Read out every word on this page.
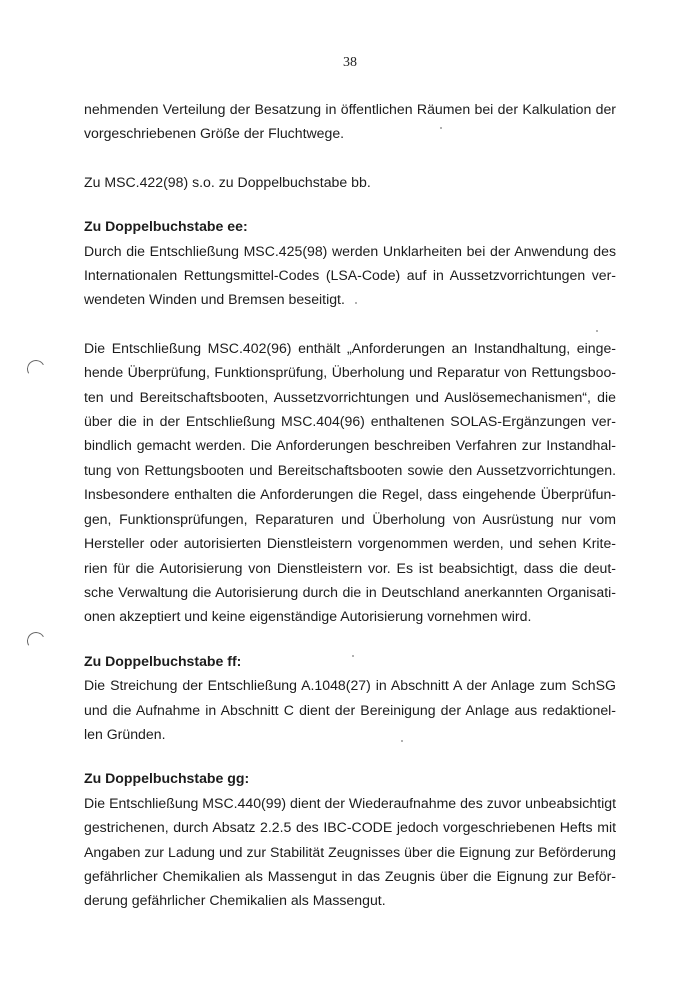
38

nehmenden Verteilung der Besatzung in öffentlichen Räumen bei der Kalkulation der
vorgeschriebenen Größe der Fluchtwege.

Zu MSC.422(98) s.o. zu Doppelbuchstabe bb.

Zu Doppelbuchstabe ee:

Durch die Entschließung MSC.425(98) werden Unklarheiten bei der Anwendung des
Internationalen Rettungsmittel-Codes (LSA-Code) auf in Aussetzvorrichtungen ver-
wendeten Winden und Bremsen beseitigt.

Die Entschließung MSC.402(96) enthält „Anforderungen an Instandhaltung, einge-
hende Überprüfung, Funktionsprüfung, Überholung und Reparatur von Rettungsboo-
ten und Bereitschaftsbooten, Aussetzvorrichtungen und Auslösemechanismen“, die
über die in der Entschließung MSC.404(96) enthaltenen SOLAS-Ergänzungen ver-
bindlich gemacht werden. Die Anforderungen beschreiben Verfahren zur Instandhal-
tung von Rettungsbooten und Bereitschaftsbooten sowie den Aussetzvorrichtungen.
Insbesondere enthalten die Anforderungen die Regel, dass eingehende Überprüfun-
gen, Funktionsprüfungen, Reparaturen und Überholung von Ausrüstung nur vom
Hersteller oder autorisierten Dienstleistern vorgenommen werden, und sehen Krite-
rien für die Autorisierung von Dienstleistern vor. Es ist beabsichtigt, dass die deut-
sche Verwaltung die Autorisierung durch die in Deutschland anerkannten Organisati-
onen akzeptiert und keine eigenständige Autorisierung vornehmen wird.

Zu Doppelbuchstabe ff:

Die Streichung der Entschließung A.1048(27) in Abschnitt A der Anlage zum SchSG
und die Aufnahme in Abschnitt C dient der Bereinigung der Anlage aus redaktionel-
len Gründen.

Zu Doppelbuchstabe gg:

Die Entschließung MSC.440(99) dient der Wiederaufnahme des zuvor unbeabsichtigt
gestrichenen, durch Absatz 2.2.5 des IBC-CODE jedoch vorgeschriebenen Hefts mit
Angaben zur Ladung und zur Stabilität Zeugnisses über die Eignung zur Beförderung
gefährlicher Chemikalien als Massengut in das Zeugnis über die Eignung zur Beför-
derung gefährlicher Chemikalien als Massengut.
